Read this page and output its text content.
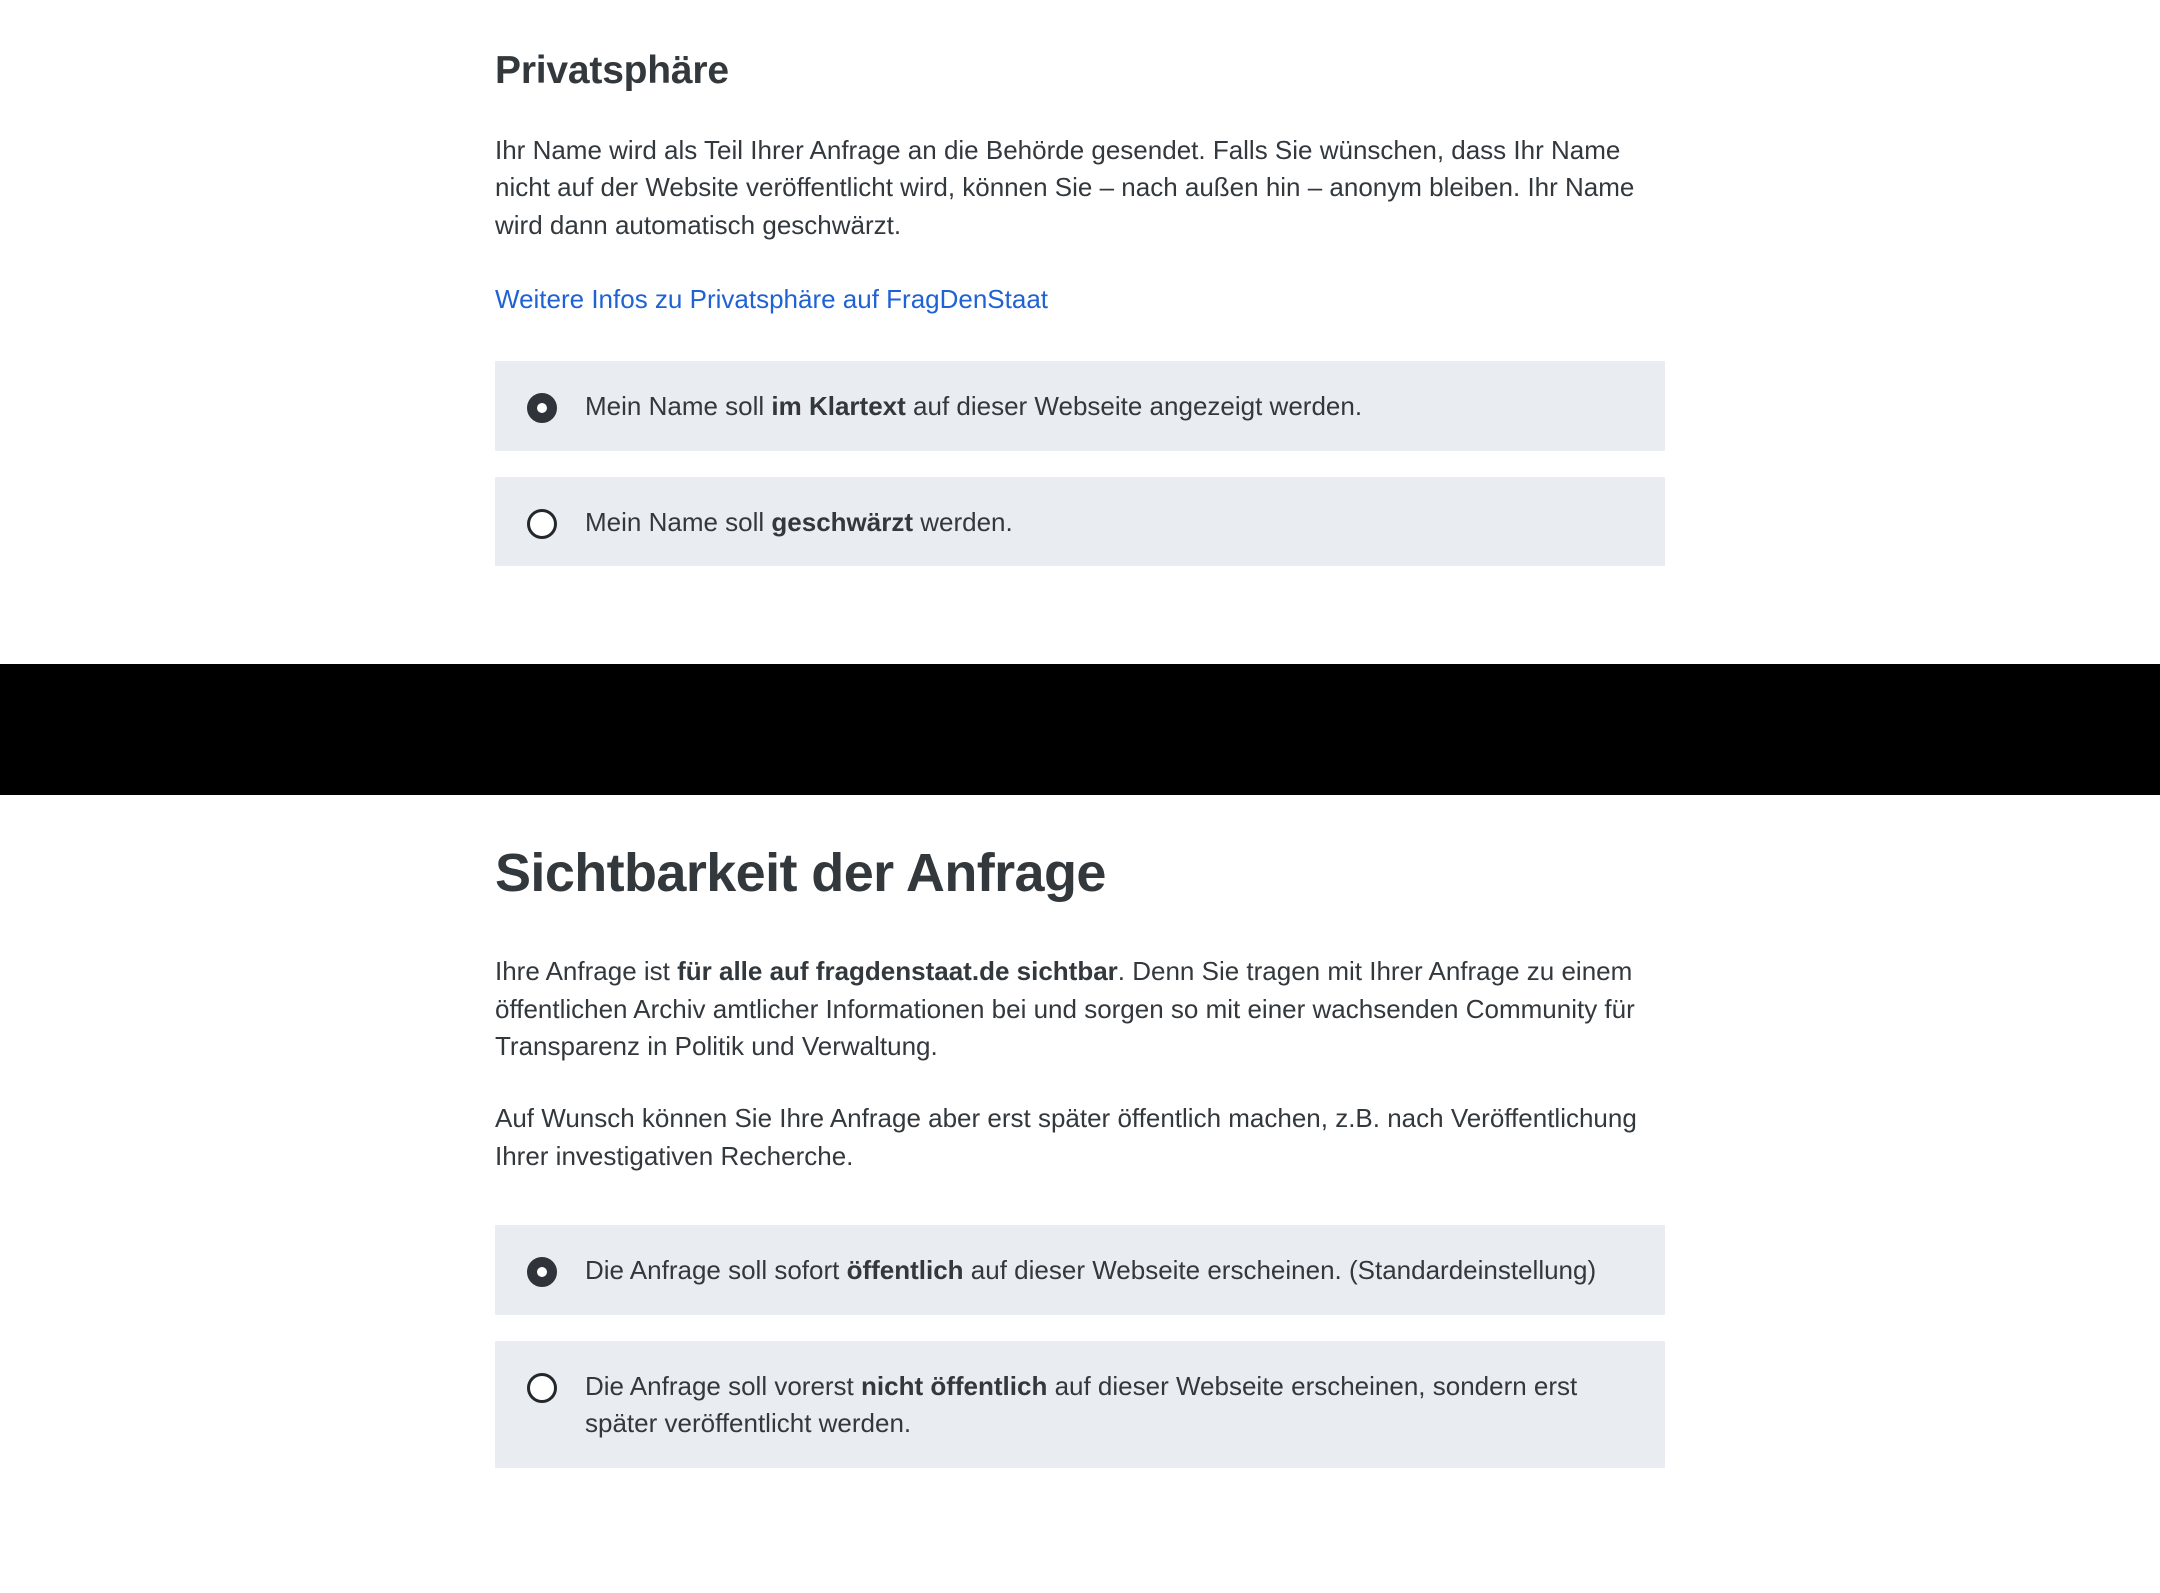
Privatsphäre

Ihr Name wird als Teil Ihrer Anfrage an die Behörde gesendet. Falls Sie wünschen, dass Ihr Name nicht auf der Website veröffentlicht wird, können Sie – nach außen hin – anonym bleiben. Ihr Name wird dann automatisch geschwärzt.

Weitere Infos zu Privatsphäre auf FragDenStaat
Mein Name soll im Klartext auf dieser Webseite angezeigt werden.
Mein Name soll geschwärzt werden.
Sichtbarkeit der Anfrage

Ihre Anfrage ist für alle auf fragdenstaat.de sichtbar. Denn Sie tragen mit Ihrer Anfrage zu einem öffentlichen Archiv amtlicher Informationen bei und sorgen so mit einer wachsenden Community für Transparenz in Politik und Verwaltung.

Auf Wunsch können Sie Ihre Anfrage aber erst später öffentlich machen, z.B. nach Veröffentlichung Ihrer investigativen Recherche.

Die Anfrage soll sofort öffentlich auf dieser Webseite erscheinen. (Standardeinstellung)
Die Anfrage soll vorerst nicht öffentlich auf dieser Webseite erscheinen, sondern erst später veröffentlicht werden.
